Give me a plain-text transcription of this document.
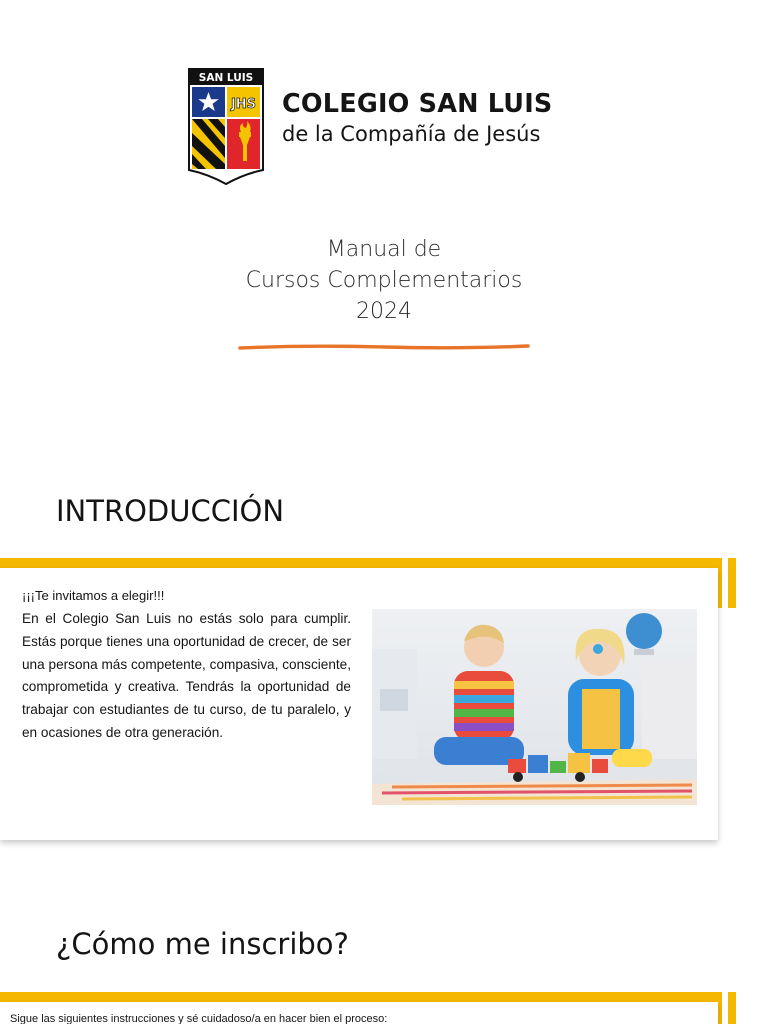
SAN LUIS
JHS COLEGIO SAN LUIS
de la Compañía de Jesús
Manual de
Cursos Complementarios
2024
INTRODUCCIÓN
¡¡¡Te invitamos a elegir!!!
En el Colegio San Luis no estás solo para cumplir. Estás porque tienes una oportunidad de crecer, de ser una persona más competente, compasiva, consciente, comprometida y creativa. Tendrás la oportunidad de trabajar con estudiantes de tu curso, de tu paralelo, y en ocasiones de otra generación.
¿Cómo me inscribo?
Sigue las siguientes instrucciones y sé cuidadoso/a en hacer bien el proceso:
